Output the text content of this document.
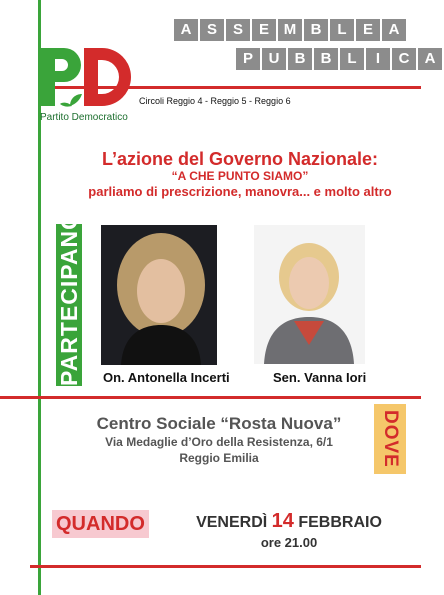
A	S	S	E M B	L	E	A
P	U	B	B	L	I	C	A
Partito Democratico
Circoli Reggio 4 - Reggio 5 - Reggio 6
L’azione del Governo Nazionale:
“A CHE PUNTO SIAMO”
parliamo di prescrizione, manovra... e molto altro
PARTECIPANO On. Antonella Incerti	Sen. Vanna Iori
Centro Sociale “Rosta Nuova”
Via Medaglie d’Oro della Resistenza, 6/1
Reggio Emilia	DOVE
QUANDO	VENERDÌ 14 FEBBRAIO
ore 21.00
